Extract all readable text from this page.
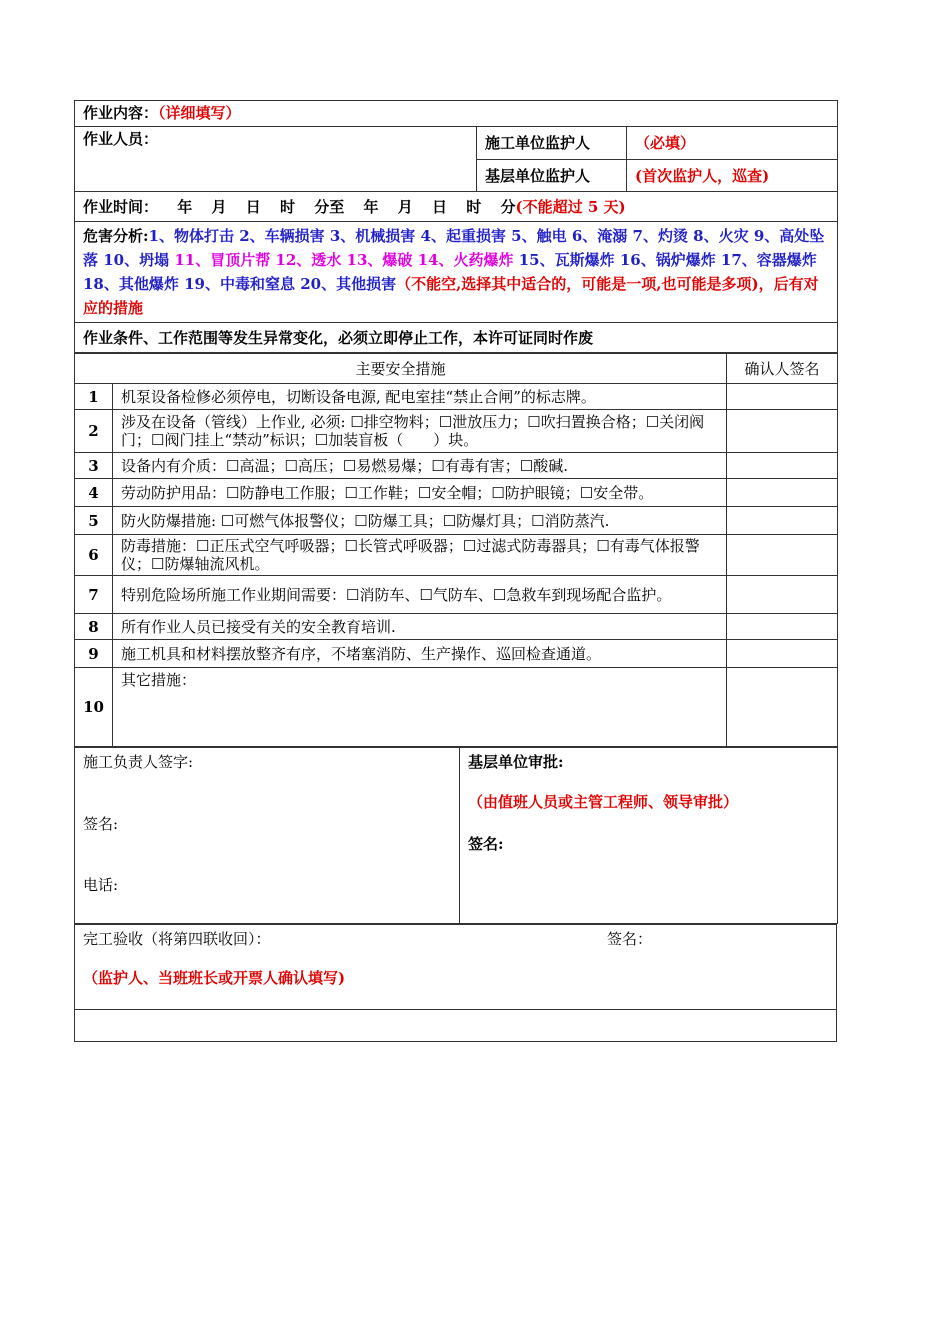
作业内容：（详细填写）		
作业人员：	施工单位监护人	（必填）
	基层单位监护人	(首次监护人，巡查)
作业时间： 年 月 日 时 分至 年 月 日 时 分(不能超过 5 天)		
危害分析:1、物体打击 2、车辆损害 3、机械损害 4、起重损害 5、触电 6、淹溺 7、灼烫 8、火灾 9、高处坠落 10、坍塌 11、冒顶片帮 12、透水 13、爆破 14、火药爆炸 15、瓦斯爆炸 16、锅炉爆炸 17、容器爆炸 18、其他爆炸 19、中毒和窒息 20、其他损害（不能空,选择其中适合的，可能是一项,也可能是多项)，后有对应的措施		
作业条件、工作范围等发生异常变化，必须立即停止工作，本许可证同时作废		
主要安全措施		确认人签名
1	机泵设备检修必须停电，切断设备电源, 配电室挂“禁止合闸”的标志牌。	
2	涉及在设备（管线）上作业, 必须: ☐排空物料；☐泄放压力；☐吹扫置换合格；☐关闭阀门；☐阀门挂上“禁动”标识；☐加装盲板（　　）块。	
3	设备内有介质：☐高温；☐高压；☐易燃易爆；☐有毒有害；☐酸碱.	
4	劳动防护用品：☐防静电工作服；☐工作鞋；☐安全帽；☐防护眼镜；☐安全带。	
5	防火防爆措施: ☐可燃气体报警仪；☐防爆工具；☐防爆灯具；☐消防蒸汽.	
6	防毒措施：☐正压式空气呼吸器；☐长管式呼吸器；☐过滤式防毒器具；☐有毒气体报警仪；☐防爆轴流风机。	
7	特别危险场所施工作业期间需要：☐消防车、☐气防车、☐急救车到现场配合监护。	
8	所有作业人员已接受有关的安全教育培训.	
9	施工机具和材料摆放整齐有序，不堵塞消防、生产操作、巡回检查通道。	
10	其它措施：	
施工负责人签字:
签名:
电话:

基层单位审批:
（由值班人员或主管工程师、领导审批）
签名:
完工验收（将第四联收回）：	签名：
（监护人、当班班长或开票人确认填写)
